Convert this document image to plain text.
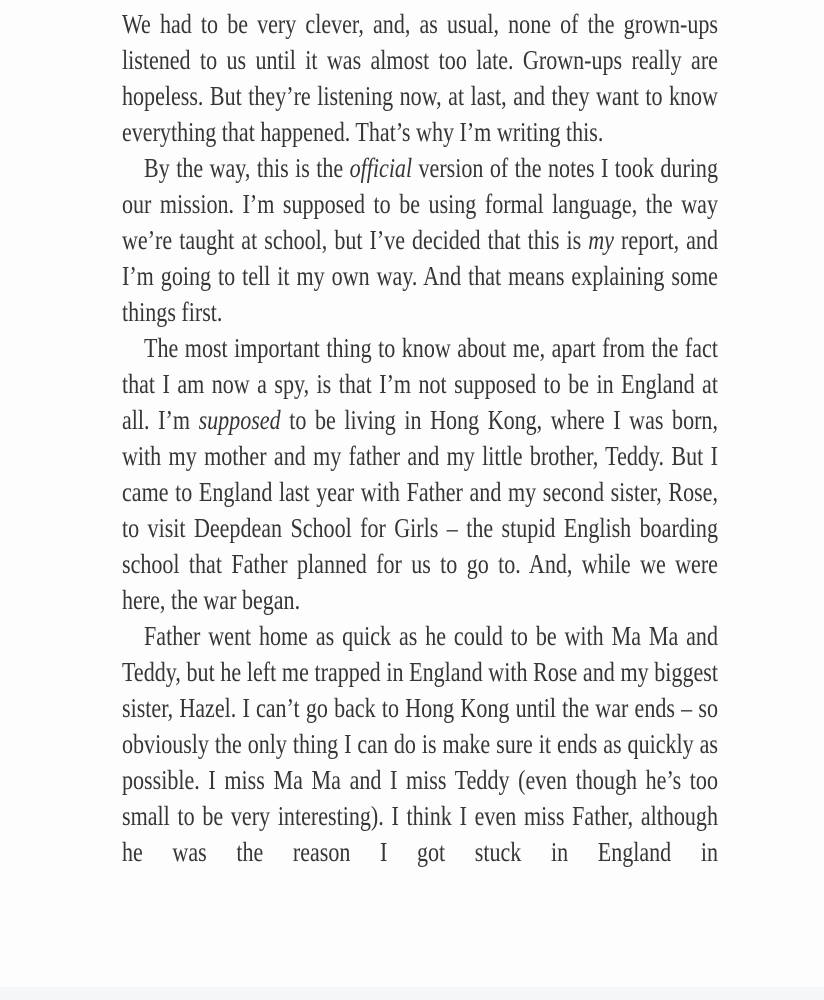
We had to be very clever, and, as usual, none of the grown-ups listened to us until it was almost too late. Grown-ups really are hopeless. But they’re listening now, at last, and they want to know everything that happened. That’s why I’m writing this.

By the way, this is the official version of the notes I took during our mission. I’m supposed to be using formal language, the way we’re taught at school, but I’ve decided that this is my report, and I’m going to tell it my own way. And that means explaining some things first.

The most important thing to know about me, apart from the fact that I am now a spy, is that I’m not supposed to be in England at all. I’m supposed to be living in Hong Kong, where I was born, with my mother and my father and my little brother, Teddy. But I came to England last year with Father and my second sister, Rose, to visit Deepdean School for Girls – the stupid English boarding school that Father planned for us to go to. And, while we were here, the war began.

Father went home as quick as he could to be with Ma Ma and Teddy, but he left me trapped in England with Rose and my biggest sister, Hazel. I can’t go back to Hong Kong until the war ends – so obviously the only thing I can do is make sure it ends as quickly as possible. I miss Ma Ma and I miss Teddy (even though he’s too small to be very interesting). I think I even miss Father, although he was the reason I got stuck in England in
